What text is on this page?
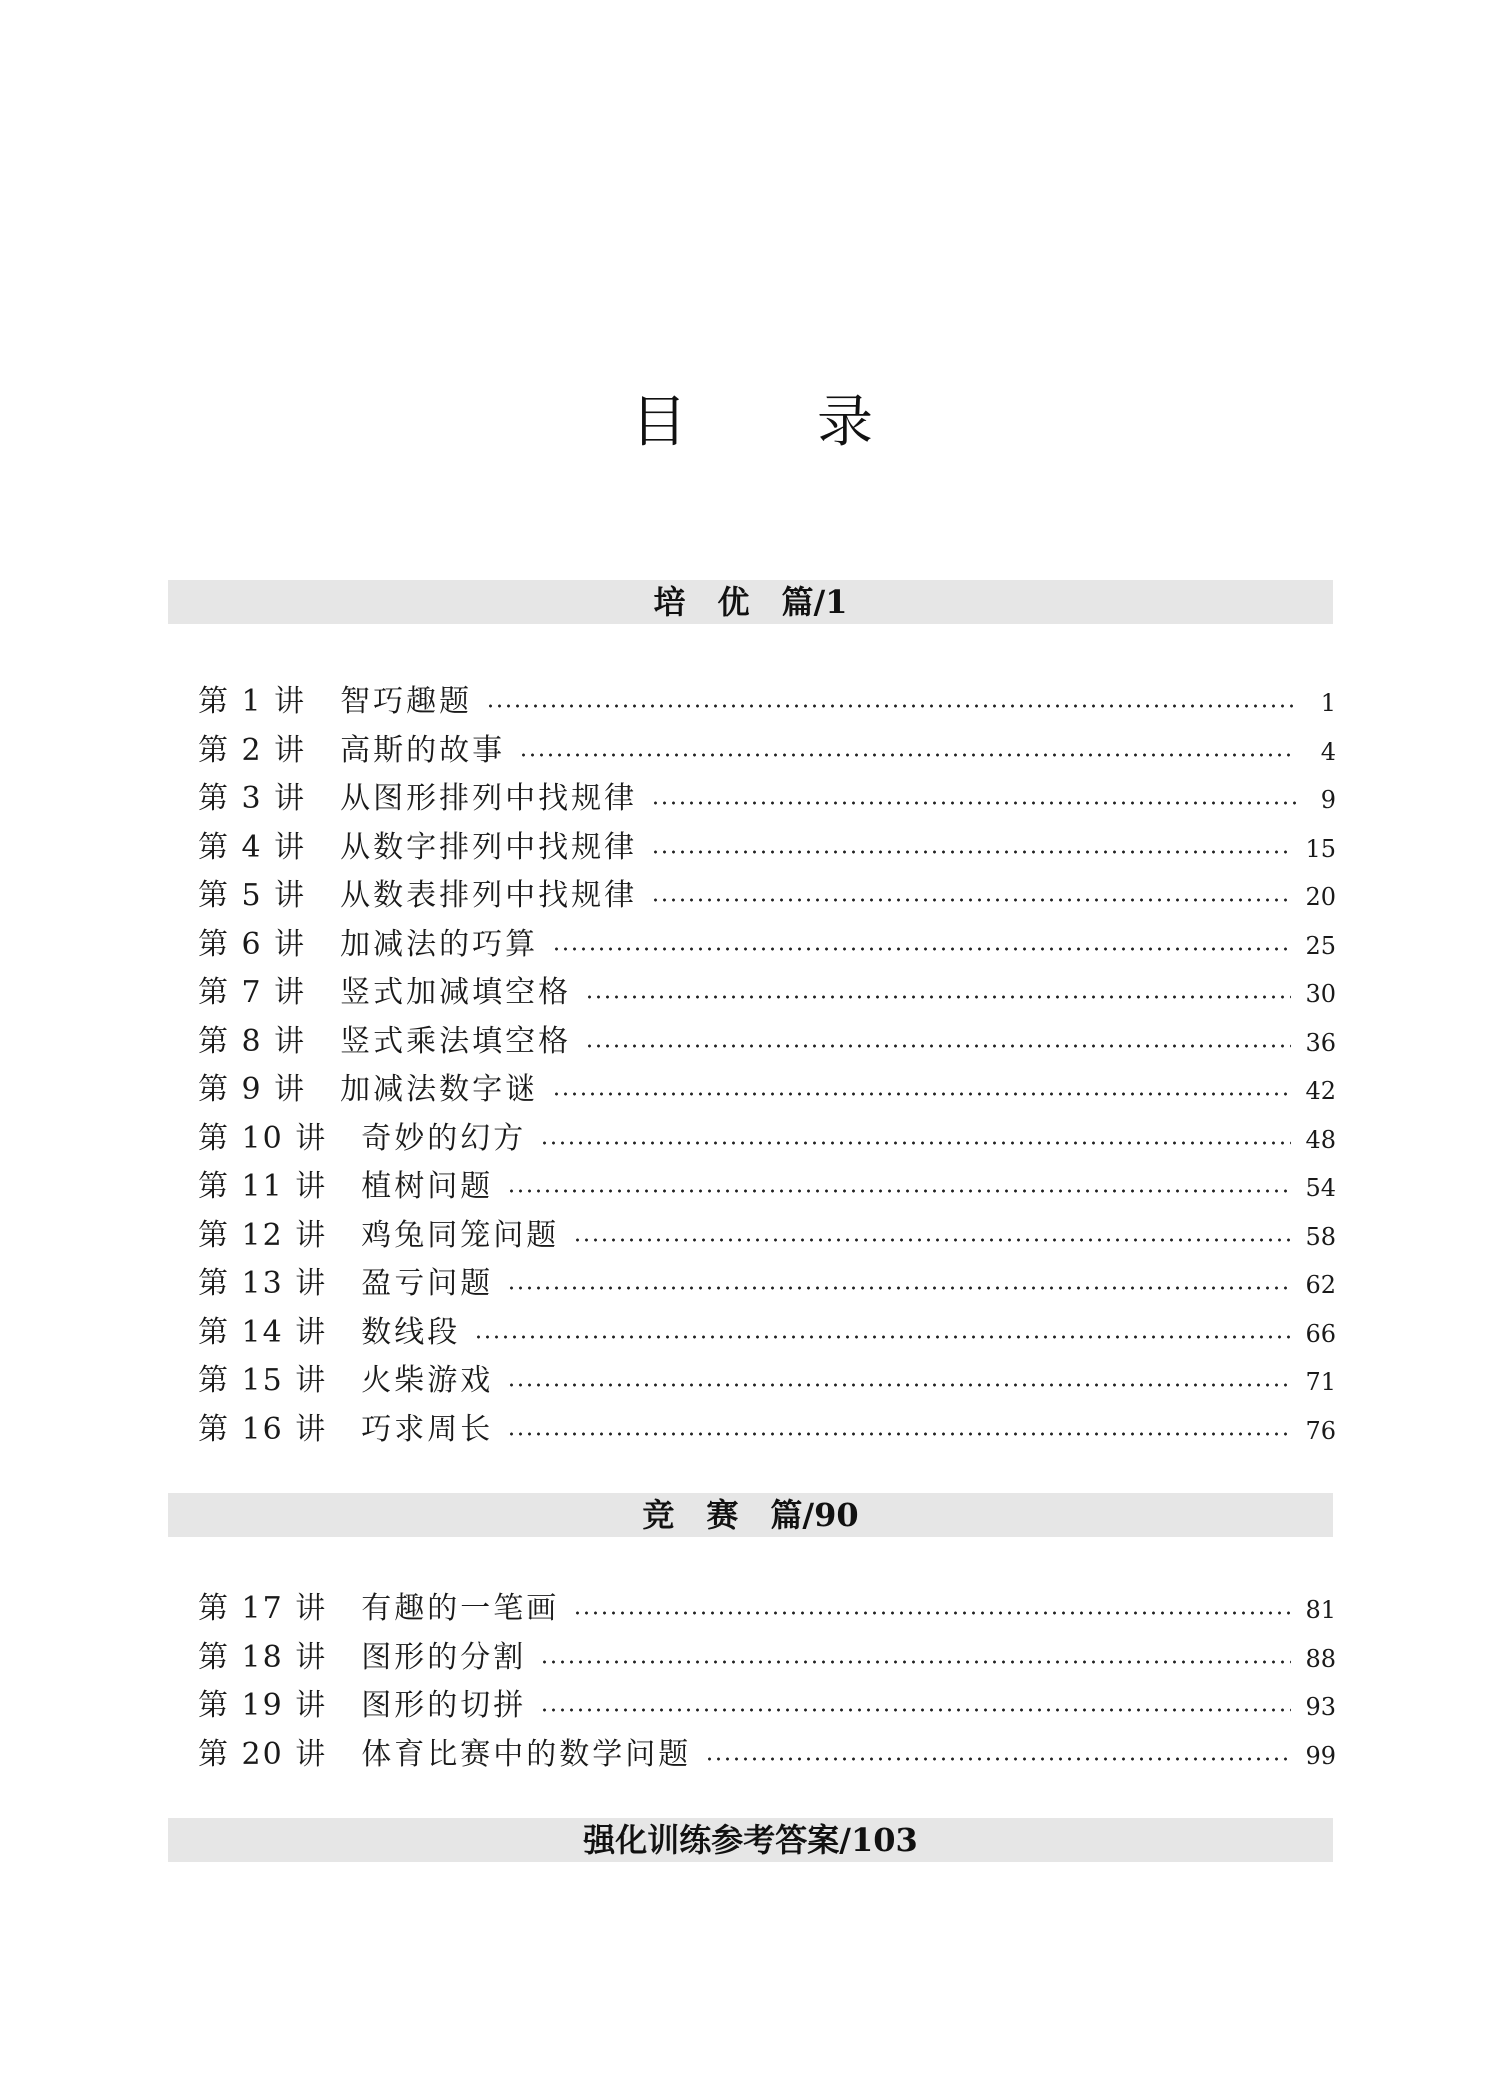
目录
培　优　篇/1
第 1 讲 智巧趣题	1
第 2 讲 高斯的故事	4
第 3 讲 从图形排列中找规律	9
第 4 讲 从数字排列中找规律	15
第 5 讲 从数表排列中找规律	20
第 6 讲 加减法的巧算	25
第 7 讲 竖式加减填空格	30
第 8 讲 竖式乘法填空格	36
第 9 讲 加减法数字谜	42
第 10 讲 奇妙的幻方	48
第 11 讲 植树问题	54
第 12 讲 鸡兔同笼问题	58
第 13 讲 盈亏问题	62
第 14 讲 数线段	66
第 15 讲 火柴游戏	71
第 16 讲 巧求周长	76
竞　赛　篇/90
第 17 讲 有趣的一笔画	81
第 18 讲 图形的分割	88
第 19 讲 图形的切拼	93
第 20 讲 体育比赛中的数学问题	99
强化训练参考答案/103
